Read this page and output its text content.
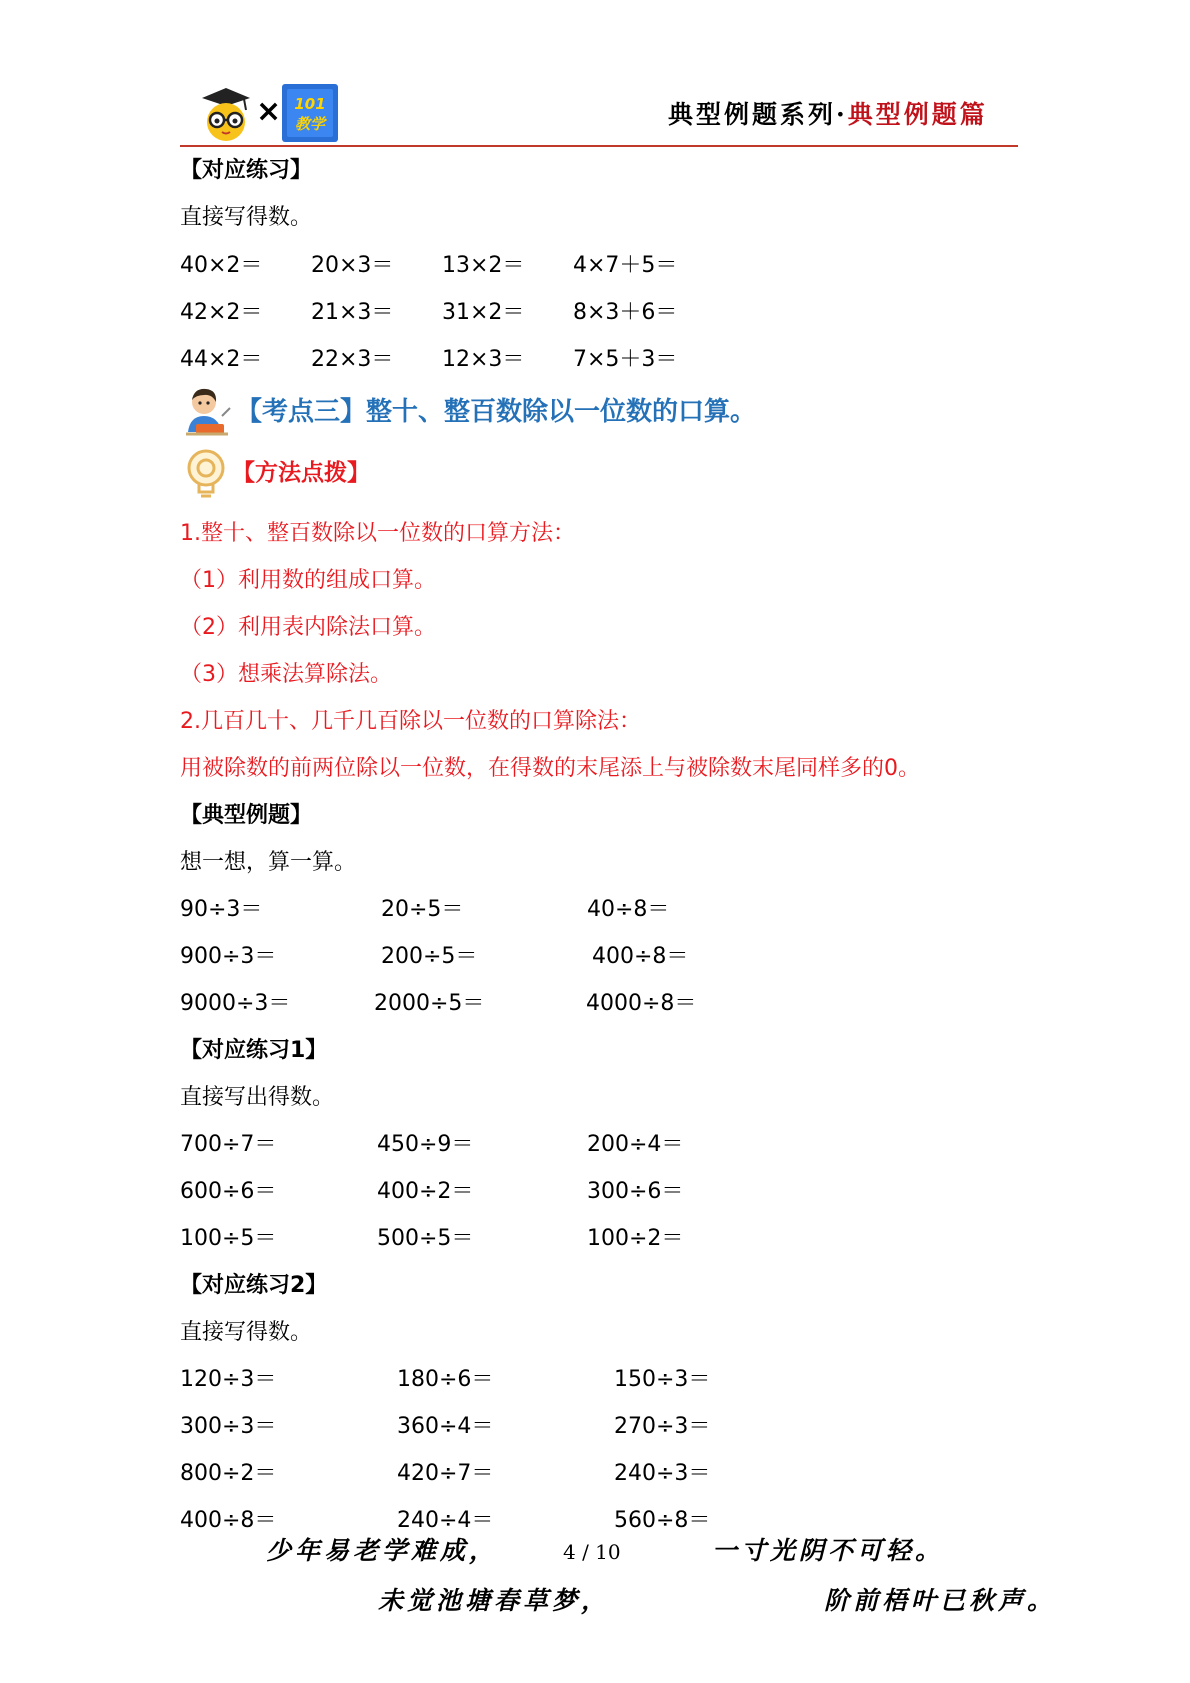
× 101
教学	典型例题系列·典型例题篇
【对应练习】
直接写得数。
40×2＝ 20×3＝ 13×2＝ 4×7＋5＝
42×2＝ 21×3＝ 31×2＝ 8×3＋6＝
44×2＝ 22×3＝ 12×3＝ 7×5＋3＝
【考点三】整十、整百数除以一位数的口算。
【方法点拨】
1.整十、整百数除以一位数的口算方法：
（1）利用数的组成口算。
（2）利用表内除法口算。
（3）想乘法算除法。
2.几百几十、几千几百除以一位数的口算除法：
用被除数的前两位除以一位数，在得数的末尾添上与被除数末尾同样多的0。
【典型例题】
想一想，算一算。
90÷3＝	20÷5＝	40÷8＝
900÷3＝	200÷5＝	400÷8＝
9000÷3＝	2000÷5＝	4000÷8＝
【对应练习1】
直接写出得数。
700÷7＝	450÷9＝	200÷4＝
600÷6＝	400÷2＝	300÷6＝
100÷5＝	500÷5＝	100÷2＝
【对应练习2】
直接写得数。
120÷3＝	180÷6＝	150÷3＝
300÷3＝	360÷4＝	270÷3＝
800÷2＝	420÷7＝	240÷3＝
400÷8＝	240÷4＝	560÷8＝
少年易老学难成，	4 / 10	一寸光阴不可轻。
未觉池塘春草梦，	阶前梧叶已秋声。
